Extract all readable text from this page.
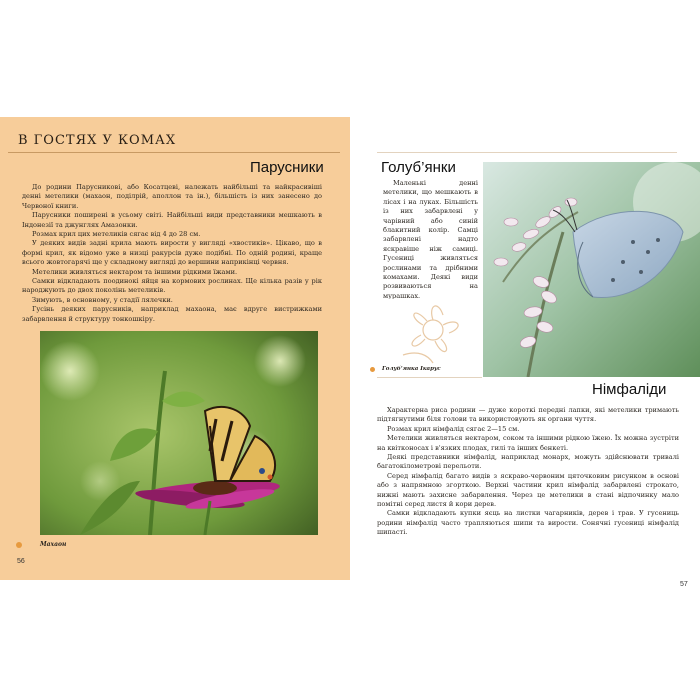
В ГОСТЯХ У КОМАХ
Парусники

До родини Парусникові, або Косатцеві, належать найбільші та найкрасивіші денні метелики (махаон, поділрій, аполлон та ін.), більшість із них занесено до Червоної книги.

Парусники поширені в усьому світі. Найбільші види представники мешкають в Індонезії та джунглях Амазонки.

Розмах крил цих метеликів сягає від 4 до 28 см.

У деяких видів задні крила мають вирости у вигляді «хвостиків». Цікаво, що в формі крил, як відомо уже в низці ракурсів дуже подібні. По одній родині, краще всього жовтогарячі ще у складному вигляді до вершини наприкінці червня.

Метелики живляться нектаром та іншими рідкими їжами.

Самки відкладають поодинокі яйця на кормових рослинах. Ще кілька разів у рік народжують до двох поколінь метеликів.

Зимують, в основному, у стадії лялечки.

Гусінь деяких парусників, наприклад махаона, має вдруге вистрижками забарвлення й структуру тонкошкіру.

Махаон
56
Голуб’янки

Маленькі денні метелики, що мешкають в лісах і на луках. Більшість із них забарвлені у чарівний або синій блакитний колір. Самці забарвлені надто яскравіше ніж самиці. Гусениці живляться рослинами та дрібними комахами. Деякі види розвиваються на мурашках.

Голуб’янка Ікарус
Німфаліди

Характерна риса родини — дуже короткі передні лапки, які метелики тримають підтягнутими біля голови та використовують як органи чуття.

Розмах крил німфалід сягає 2—15 см.

Метелики живляться нектаром, соком та іншими рідкою їжею. Їх можна зустріти на квітконосах і в'язких плодах, гилі та інших бенкеті.

Деякі представники німфалід, наприклад монарх, можуть здійснювати тривалі багатокілометрові перельоти.

Серед німфалід багато видів з яскраво-червоним цяточковим рисунком в основі або з напрямною згорткою. Верхні частини крил німфалід забарвлені строкато, нижні мають захисне забарвлення. Через це метелики в стані відпочинку мало помітні серед листя й кори дерев.

Самки відкладають купки яєць на листки чагарників, дерев і трав. У гусениць родини німфалід часто трапляються шипи та вирости. Сонячні гусениці німфалід шипасті.

57
